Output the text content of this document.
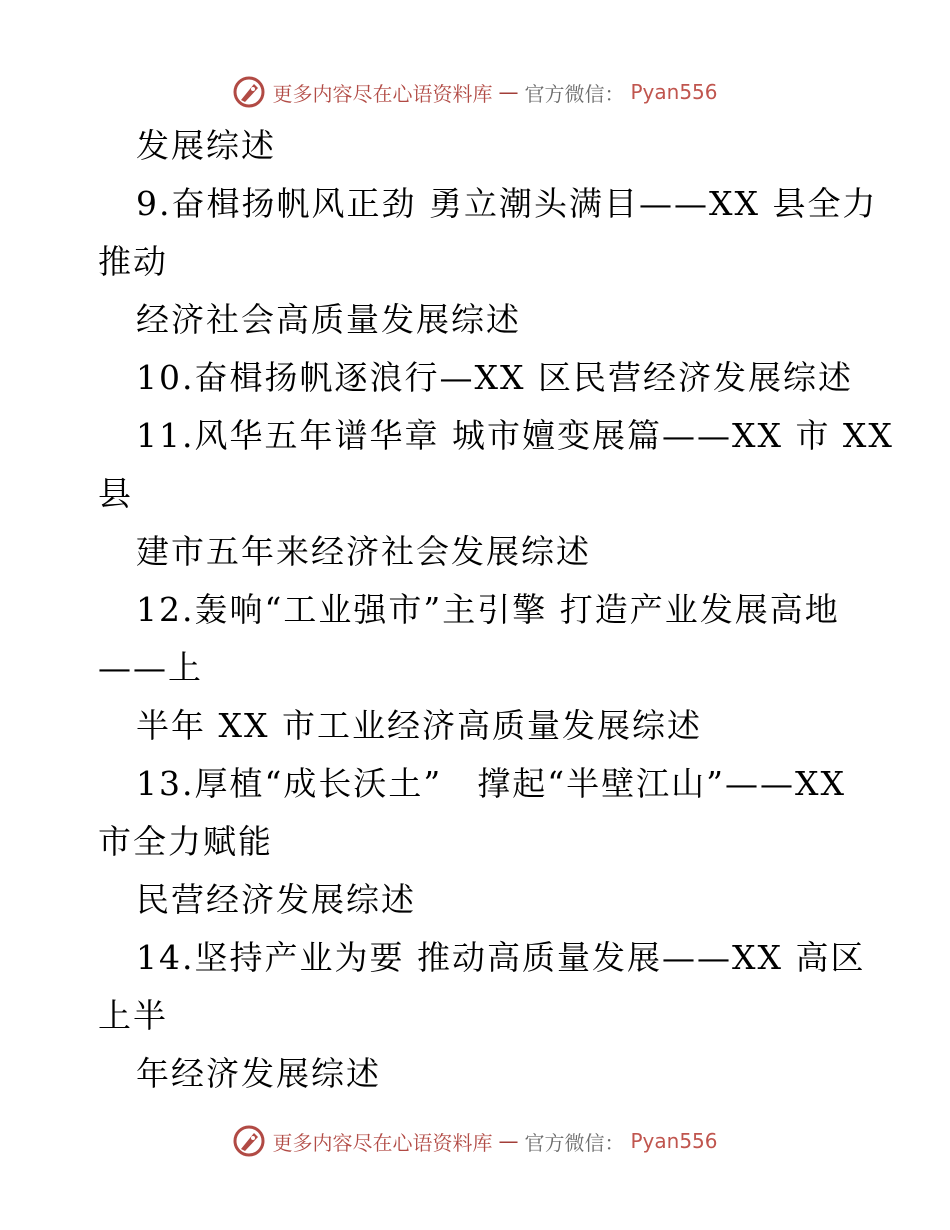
更多内容尽在心语资料库 — 官方微信： Pyan556
发展综述
9.奋楫扬帆风正劲 勇立潮头满目——XX 县全力
推动
经济社会高质量发展综述
10.奋楫扬帆逐浪行—XX 区民营经济发展综述
11.风华五年谱华章 城市嬗变展篇——XX 市 XX
县
建市五年来经济社会发展综述
12.轰响“工业强市”主引擎 打造产业发展高地
——上
半年 XX 市工业经济高质量发展综述
13.厚植“成长沃土”　撑起“半壁江山”——XX
市全力赋能
民营经济发展综述
14.坚持产业为要 推动高质量发展——XX 高区
上半
年经济发展综述
更多内容尽在心语资料库 — 官方微信： Pyan556
